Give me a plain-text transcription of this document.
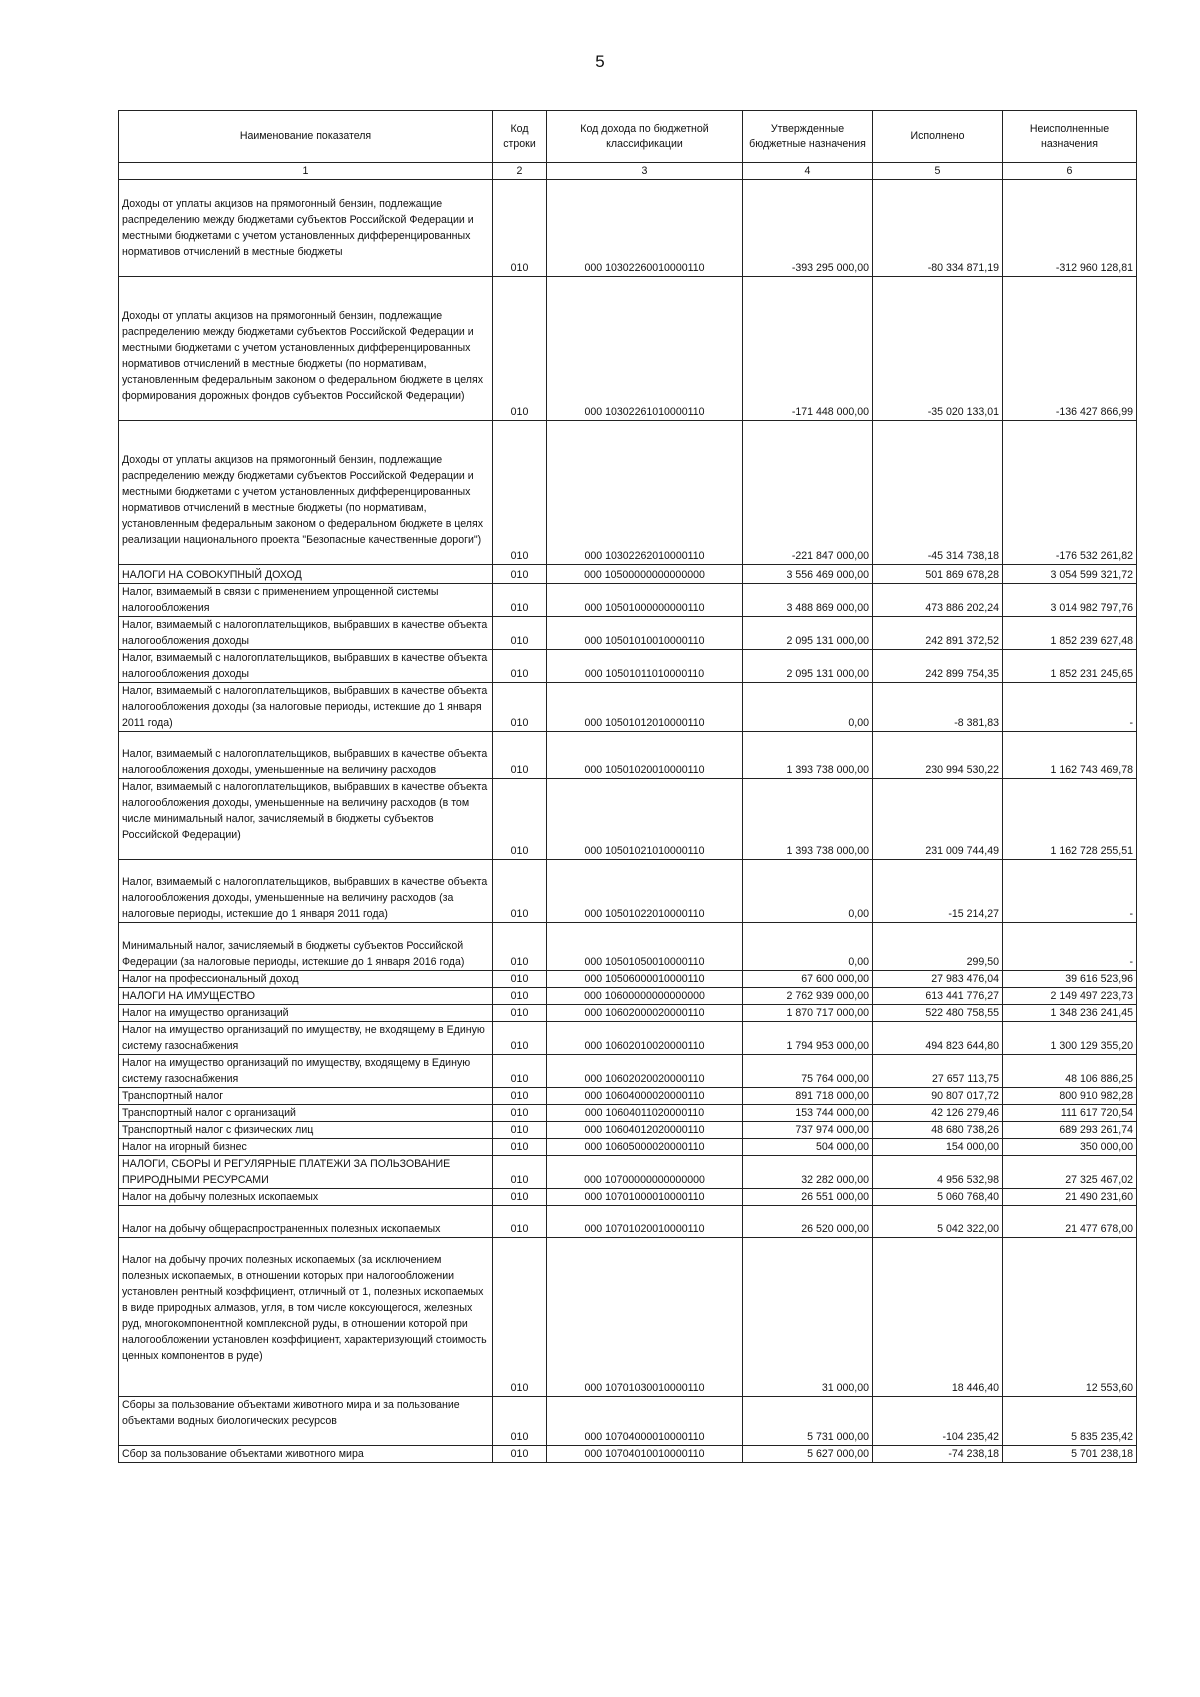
5
Наименование показателя	Код строки	Код дохода по бюджетной классификации	Утвержденные бюджетные назначения	Исполнено	Неисполненные назначения
1	2	3	4	5	6

Доходы от уплаты акцизов на прямогонный бензин, подлежащие распределению между бюджетами субъектов Российской Федерации и местными бюджетами с учетом установленных дифференцированных нормативов отчислений в местные бюджеты	010	000 10302260010000110	-393 295 000,00	-80 334 871,19	-312 960 128,81

Доходы от уплаты акцизов на прямогонный бензин, подлежащие распределению между бюджетами субъектов Российской Федерации и местными бюджетами с учетом установленных дифференцированных нормативов отчислений в местные бюджеты (по нормативам, установленным федеральным законом о федеральном бюджете в целях формирования дорожных фондов субъектов Российской Федерации)	010	000 10302261010000110	-171 448 000,00	-35 020 133,01	-136 427 866,99

Доходы от уплаты акцизов на прямогонный бензин, подлежащие распределению между бюджетами субъектов Российской Федерации и местными бюджетами с учетом установленных дифференцированных нормативов отчислений в местные бюджеты (по нормативам, установленным федеральным законом о федеральном бюджете в целях реализации национального проекта "Безопасные качественные дороги")	010	000 10302262010000110	-221 847 000,00	-45 314 738,18	-176 532 261,82

НАЛОГИ НА СОВОКУПНЫЙ ДОХОД	010	000 10500000000000000	3 556 469 000,00	501 869 678,28	3 054 599 321,72

Налог, взимаемый в связи с применением упрощенной системы налогообложения	010	000 10501000000000110	3 488 869 000,00	473 886 202,24	3 014 982 797,76

Налог, взимаемый с налогоплательщиков, выбравших в качестве объекта налогообложения доходы	010	000 10501010010000110	2 095 131 000,00	242 891 372,52	1 852 239 627,48

Налог, взимаемый с налогоплательщиков, выбравших в качестве объекта налогообложения доходы	010	000 10501011010000110	2 095 131 000,00	242 899 754,35	1 852 231 245,65

Налог, взимаемый с налогоплательщиков, выбравших в качестве объекта налогообложения доходы (за налоговые периоды, истекшие до 1 января 2011 года)	010	000 10501012010000110	0,00	-8 381,83	-

Налог, взимаемый с налогоплательщиков, выбравших в качестве объекта налогообложения доходы, уменьшенные на величину расходов	010	000 10501020010000110	1 393 738 000,00	230 994 530,22	1 162 743 469,78

Налог, взимаемый с налогоплательщиков, выбравших в качестве объекта налогообложения доходы, уменьшенные на величину расходов (в том числе минимальный налог, зачисляемый в бюджеты субъектов Российской Федерации)	010	000 10501021010000110	1 393 738 000,00	231 009 744,49	1 162 728 255,51

Налог, взимаемый с налогоплательщиков, выбравших в качестве объекта налогообложения доходы, уменьшенные на величину расходов (за налоговые периоды, истекшие до 1 января 2011 года)	010	000 10501022010000110	0,00	-15 214,27	-

Минимальный налог, зачисляемый в бюджеты субъектов Российской Федерации (за налоговые периоды, истекшие до 1 января 2016 года)	010	000 10501050010000110	0,00	299,50	-

Налог на профессиональный доход	010	000 10506000010000110	67 600 000,00	27 983 476,04	39 616 523,96

НАЛОГИ НА ИМУЩЕСТВО	010	000 10600000000000000	2 762 939 000,00	613 441 776,27	2 149 497 223,73

Налог на имущество организаций	010	000 10602000020000110	1 870 717 000,00	522 480 758,55	1 348 236 241,45

Налог на имущество организаций по имуществу, не входящему в Единую систему газоснабжения	010	000 10602010020000110	1 794 953 000,00	494 823 644,80	1 300 129 355,20

Налог на имущество организаций по имуществу, входящему в Единую систему газоснабжения	010	000 10602020020000110	75 764 000,00	27 657 113,75	48 106 886,25

Транспортный налог	010	000 10604000020000110	891 718 000,00	90 807 017,72	800 910 982,28

Транспортный налог с организаций	010	000 10604011020000110	153 744 000,00	42 126 279,46	111 617 720,54

Транспортный налог с физических лиц	010	000 10604012020000110	737 974 000,00	48 680 738,26	689 293 261,74

Налог на игорный бизнес	010	000 10605000020000110	504 000,00	154 000,00	350 000,00

НАЛОГИ, СБОРЫ И РЕГУЛЯРНЫЕ ПЛАТЕЖИ ЗА ПОЛЬЗОВАНИЕ ПРИРОДНЫМИ РЕСУРСАМИ	010	000 10700000000000000	32 282 000,00	4 956 532,98	27 325 467,02

Налог на добычу полезных ископаемых	010	000 10701000010000110	26 551 000,00	5 060 768,40	21 490 231,60

Налог на добычу общераспространенных полезных ископаемых	010	000 10701020010000110	26 520 000,00	5 042 322,00	21 477 678,00

Налог на добычу прочих полезных ископаемых (за исключением полезных ископаемых, в отношении которых при налогообложении установлен рентный коэффициент, отличный от 1, полезных ископаемых в виде природных алмазов, угля, в том числе коксующегося, железных руд, многокомпонентной комплексной руды, в отношении которой при налогообложении установлен коэффициент, характеризующий стоимость ценных компонентов в руде)	010	000 10701030010000110	31 000,00	18 446,40	12 553,60

Сборы за пользование объектами животного мира и за пользование объектами водных биологических ресурсов	010	000 10704000010000110	5 731 000,00	-104 235,42	5 835 235,42

Сбор за пользование объектами животного мира	010	000 10704010010000110	5 627 000,00	-74 238,18	5 701 238,18
